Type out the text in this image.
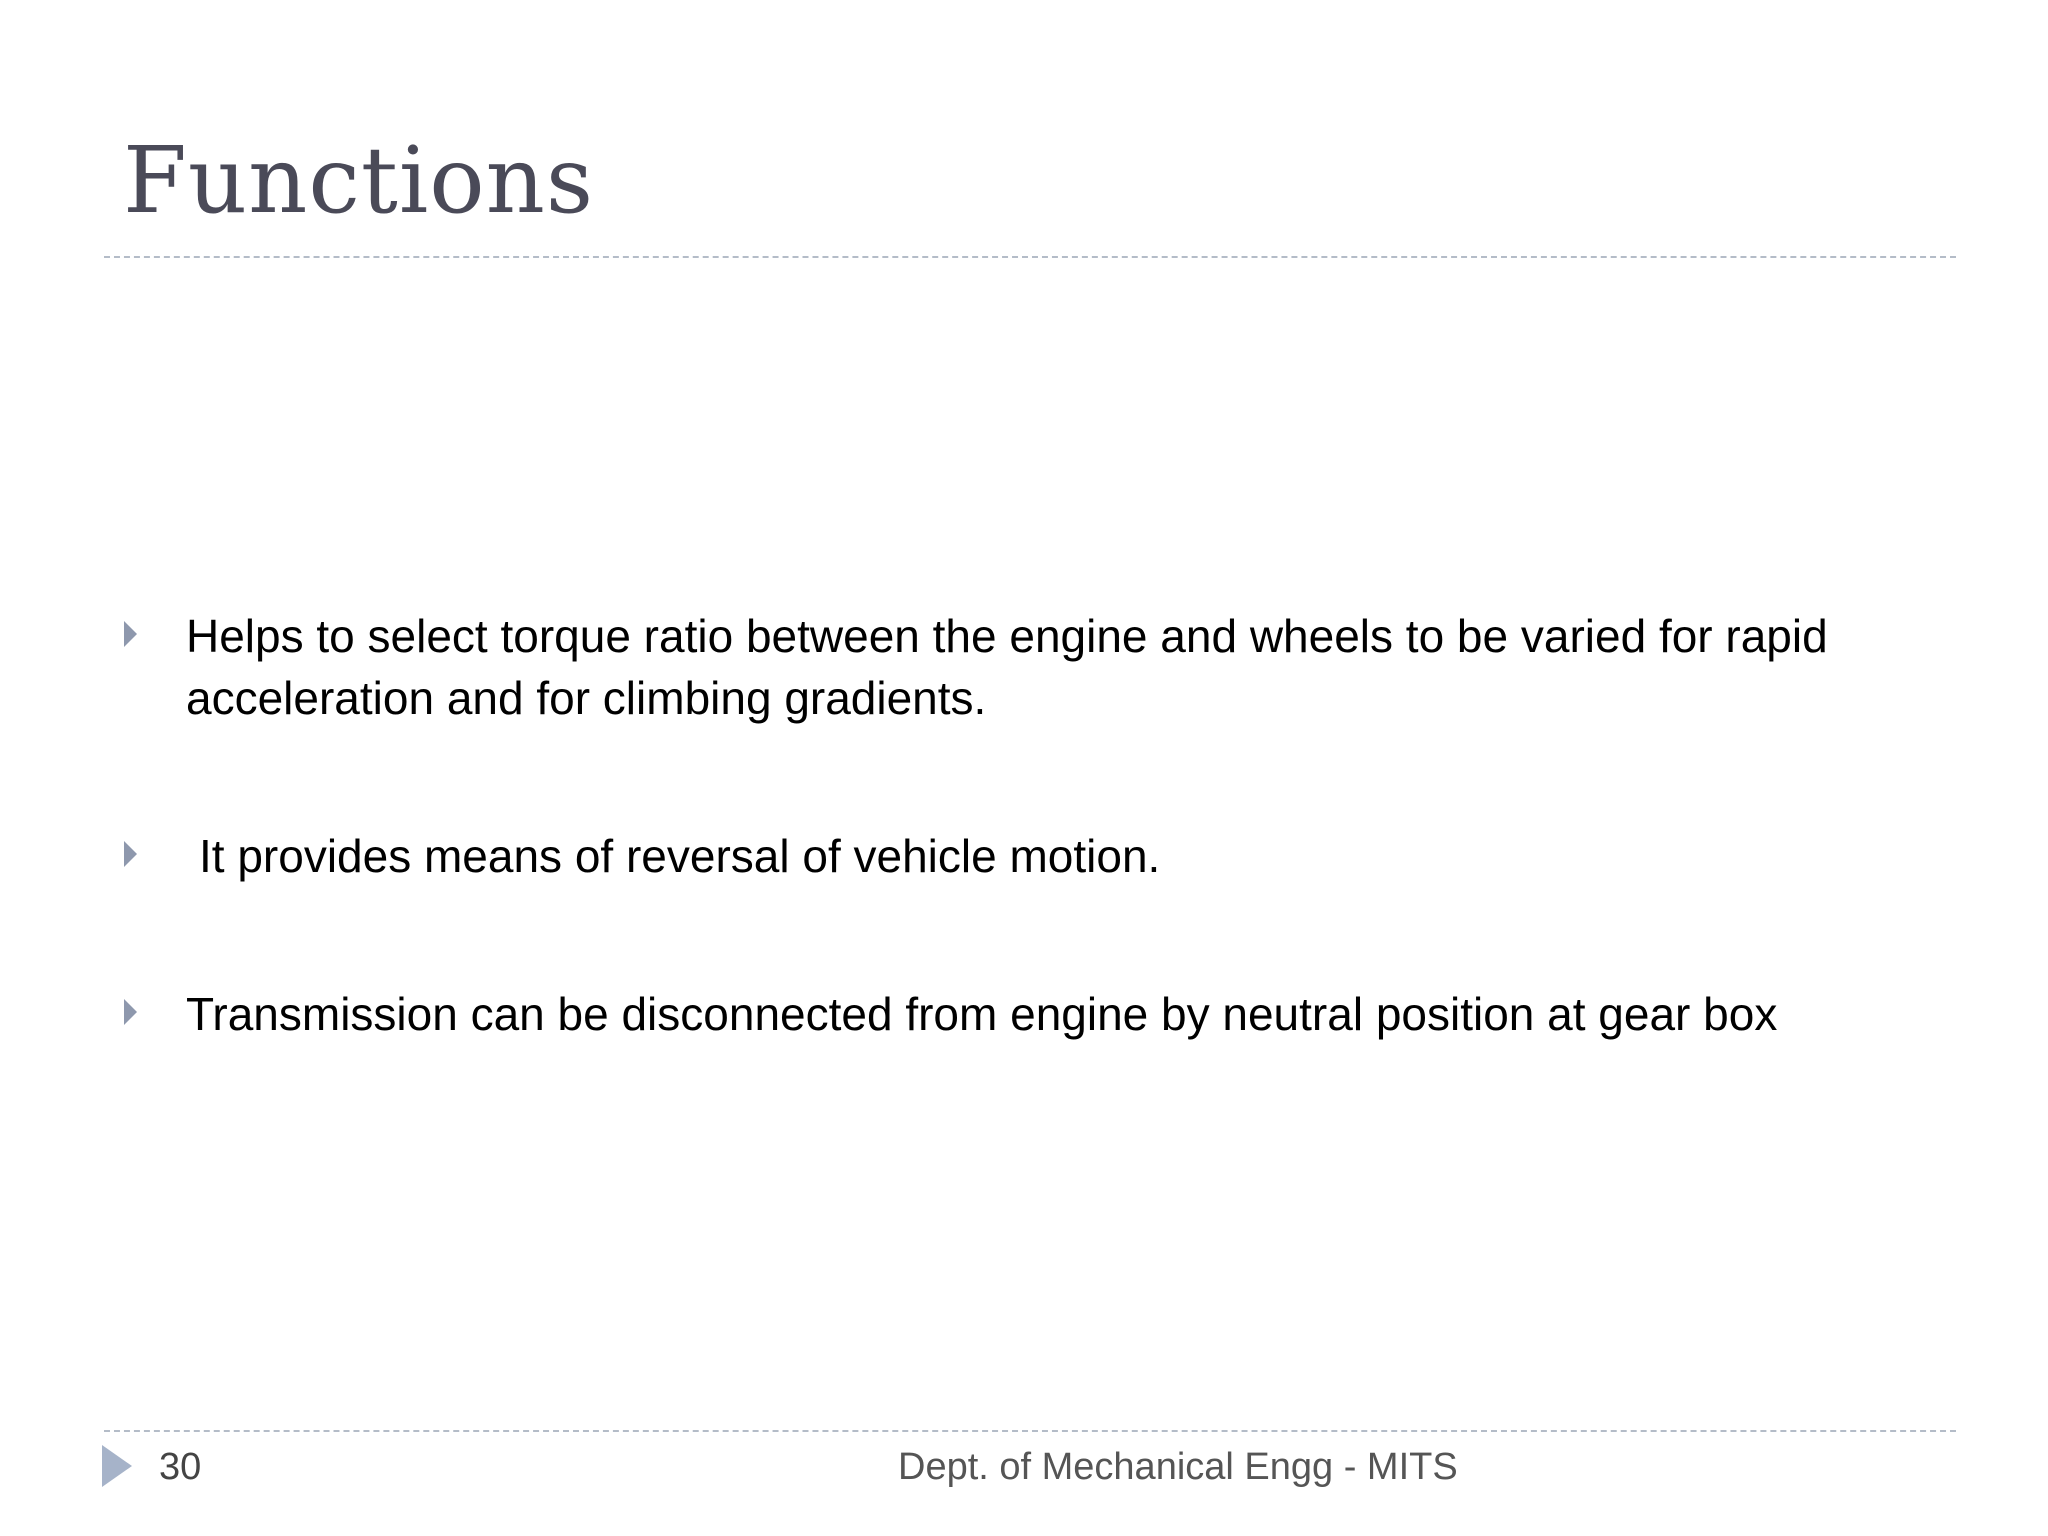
Functions
Helps to select torque ratio between the engine and wheels to be varied for rapid acceleration and for climbing gradients.
It provides means of reversal of vehicle motion.
Transmission can be disconnected from engine by neutral position at gear box
30	Dept. of Mechanical Engg - MITS
